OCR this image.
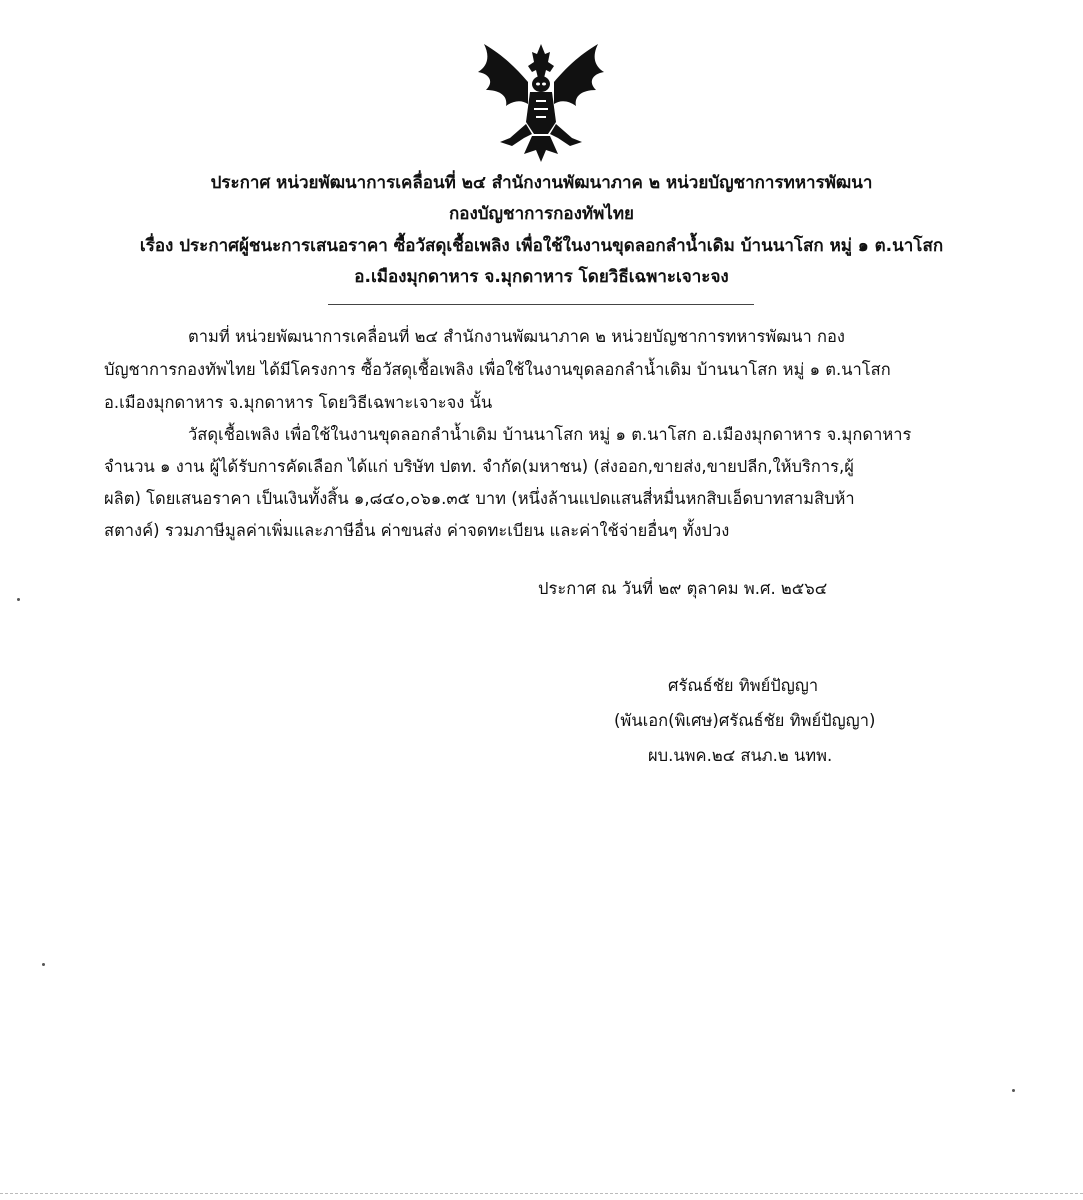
ประกาศ หน่วยพัฒนาการเคลื่อนที่ ๒๔ สำนักงานพัฒนาภาค ๒ หน่วยบัญชาการทหารพัฒนา
กองบัญชาการกองทัพไทย
เรื่อง ประกาศผู้ชนะการเสนอราคา ซื้อวัสดุเชื้อเพลิง เพื่อใช้ในงานขุดลอกลำน้ำเดิม บ้านนาโสก หมู่ ๑ ต.นาโสก
อ.เมืองมุกดาหาร จ.มุกดาหาร โดยวิธีเฉพาะเจาะจง
ตามที่ หน่วยพัฒนาการเคลื่อนที่ ๒๔ สำนักงานพัฒนาภาค ๒ หน่วยบัญชาการทหารพัฒนา กอง
บัญชาการกองทัพไทย ได้มีโครงการ ซื้อวัสดุเชื้อเพลิง เพื่อใช้ในงานขุดลอกลำน้ำเดิม บ้านนาโสก หมู่ ๑ ต.นาโสก
อ.เมืองมุกดาหาร จ.มุกดาหาร โดยวิธีเฉพาะเจาะจง นั้น
วัสดุเชื้อเพลิง เพื่อใช้ในงานขุดลอกลำน้ำเดิม บ้านนาโสก หมู่ ๑ ต.นาโสก อ.เมืองมุกดาหาร จ.มุกดาหาร
จำนวน ๑ งาน ผู้ได้รับการคัดเลือก ได้แก่ บริษัท ปตท. จำกัด(มหาชน) (ส่งออก,ขายส่ง,ขายปลีก,ให้บริการ,ผู้
ผลิต) โดยเสนอราคา เป็นเงินทั้งสิ้น ๑,๘๔๐,๐๖๑.๓๕ บาท (หนึ่งล้านแปดแสนสี่หมื่นหกสิบเอ็ดบาทสามสิบห้า
สตางค์) รวมภาษีมูลค่าเพิ่มและภาษีอื่น ค่าขนส่ง ค่าจดทะเบียน และค่าใช้จ่ายอื่นๆ ทั้งปวง
ประกาศ ณ วันที่ ๒๙ ตุลาคม พ.ศ. ๒๕๖๔
ศรัณธ์ชัย ทิพย์ปัญญา
(พันเอก(พิเศษ)ศรัณธ์ชัย ทิพย์ปัญญา)
ผบ.นพค.๒๔ สนภ.๒ นทพ.
